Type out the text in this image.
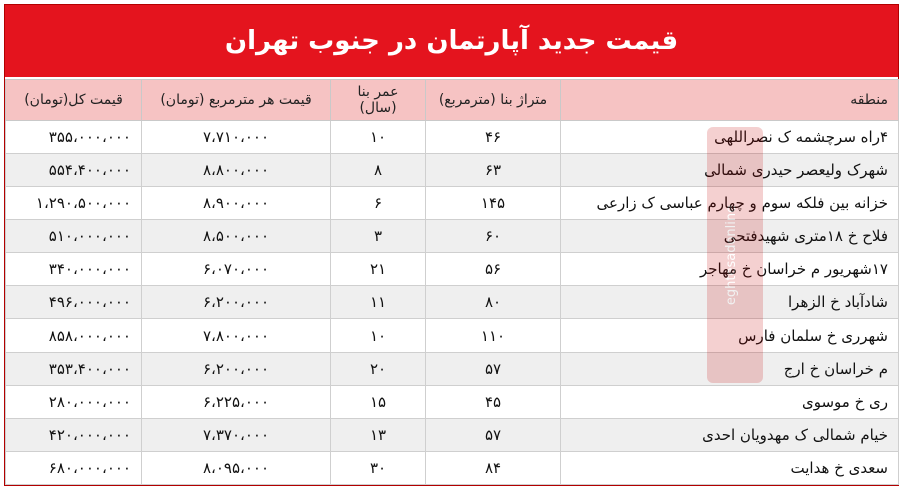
قیمت جدید آپارتمان در جنوب تهران
منطقه	متراژ بنا (مترمربع)	عمر بنا (سال)	قیمت هر مترمربع (تومان)	قیمت کل(تومان)
۴راه سرچشمه ک نصراللهی	۴۶	۱۰	۷،۷۱۰،۰۰۰	۳۵۵،۰۰۰،۰۰۰
شهرک ولیعصر حیدری شمالی	۶۳	۸	۸،۸۰۰،۰۰۰	۵۵۴،۴۰۰،۰۰۰
خزانه بین فلکه سوم و چهارم عباسی ک زارعی	۱۴۵	۶	۸،۹۰۰،۰۰۰	۱،۲۹۰،۵۰۰،۰۰۰
فلاح خ ۱۸متری شهیدفتحی	۶۰	۳	۸،۵۰۰،۰۰۰	۵۱۰،۰۰۰،۰۰۰
۱۷شهریور م خراسان خ مهاجر	۵۶	۲۱	۶،۰۷۰،۰۰۰	۳۴۰،۰۰۰،۰۰۰
شادآباد خ الزهرا	۸۰	۱۱	۶،۲۰۰،۰۰۰	۴۹۶،۰۰۰،۰۰۰
شهرری خ سلمان فارس	۱۱۰	۱۰	۷،۸۰۰،۰۰۰	۸۵۸،۰۰۰،۰۰۰
م خراسان خ ارج	۵۷	۲۰	۶،۲۰۰،۰۰۰	۳۵۳،۴۰۰،۰۰۰
ری خ موسوی	۴۵	۱۵	۶،۲۲۵،۰۰۰	۲۸۰،۰۰۰،۰۰۰
خیام شمالی ک مهدویان احدی	۵۷	۱۳	۷،۳۷۰،۰۰۰	۴۲۰،۰۰۰،۰۰۰
سعدی خ هدایت	۸۴	۳۰	۸،۰۹۵،۰۰۰	۶۸۰،۰۰۰،۰۰۰
